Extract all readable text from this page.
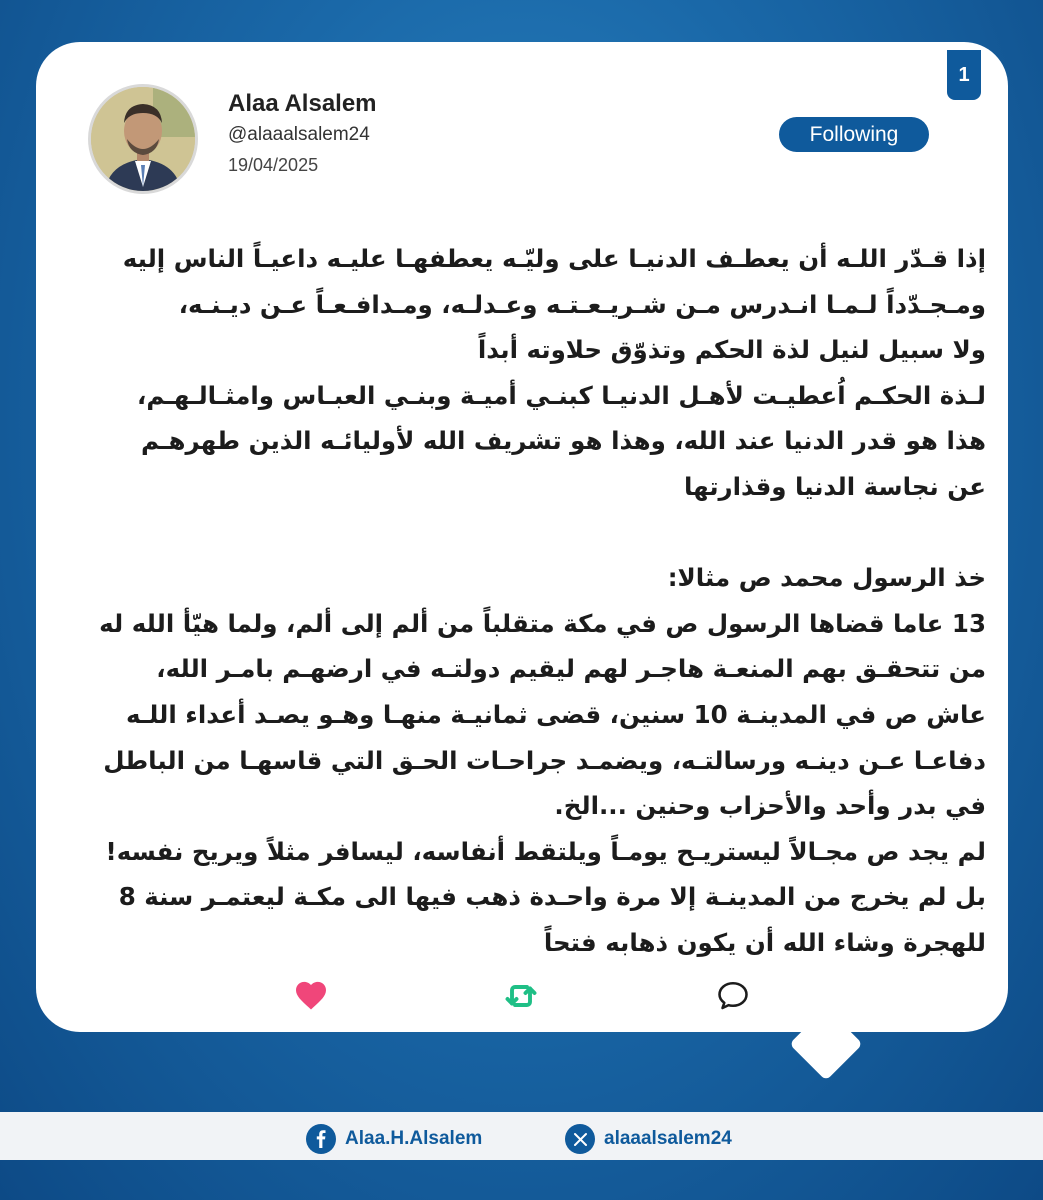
1
Alaa Alsalem
@alaaalsalem24
19/04/2025
Following
إذا قـدّر اللـه أن يعطـف الدنيـا على وليّـه يعطفهـا عليـه داعيـاً الناس إليه
ومـجـدّداً لـمـا انـدرس مـن شـريـعـتـه وعـدلـه، ومـدافـعـاً عـن ديـنـه،
ولا سبيل لنيل لذة الحكم وتذوّق حلاوته أبداً
لـذة الحكـم اُعطيـت لأهـل الدنيـا كبنـي أميـة وبنـي العبـاس وامثـالـهـم،
هذا هو قدر الدنيا عند الله، وهذا هو تشريف الله لأوليائـه الذين طهرهـم
عن نجاسة الدنيا وقذارتها
خذ الرسول محمد ص مثالا:
13 عاما قضاها الرسول ص في مكة متقلباً من ألم إلى ألم، ولما هيّأ الله له
من تتحقـق بهم المنعـة هاجـر لهم ليقيم دولتـه في ارضهـم بامـر الله،
عاش ص في المدينـة 10 سنين، قضى ثمانيـة منهـا وهـو يصـد أعداء اللـه
دفاعـا عـن دينـه ورسالتـه، ويضمـد جراحـات الحـق التي قاسهـا من الباطل
في بدر وأحد والأحزاب وحنين ...الخ.
لم يجد ص مجـالاً ليستريـح يومـاً ويلتقط أنفاسه، ليسافر مثلاً ويريح نفسه!
بل لم يخرج من المدينـة إلا مرة واحـدة ذهب فيها الى مكـة ليعتمـر سنة 8
للهجرة وشاء الله أن يكون ذهابه فتحاً
Alaa.H.Alsalem	alaaalsalem24
